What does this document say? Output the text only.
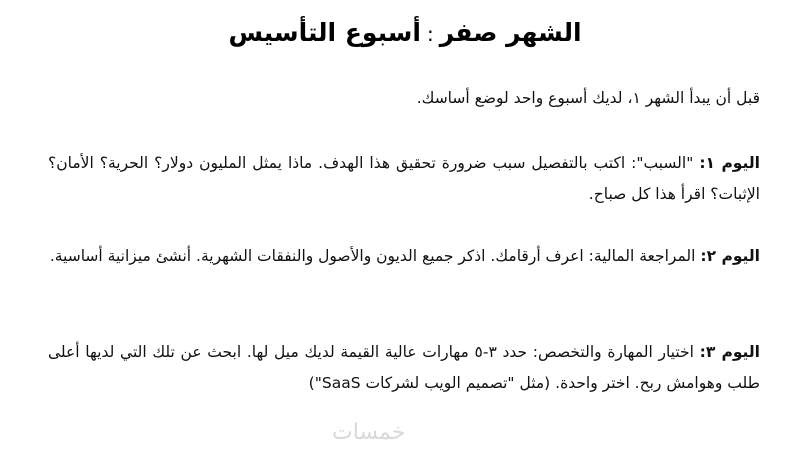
الشهر صفر:أسبوع التأسيس
قبل أن يبدأ الشهر ١، لديك أسبوع واحد لوضع أساسك.
اليوم ١: "السبب": اكتب بالتفصيل سبب ضرورة تحقيق هذا الهدف. ماذا يمثل المليون دولار؟ الحرية؟ الأمان؟ الإثبات؟ اقرأ هذا كل صباح.
اليوم ٢: المراجعة المالية: اعرف أرقامك. اذكر جميع الديون والأصول والنفقات الشهرية. أنشئ ميزانية أساسية.
اليوم ٣: اختيار المهارة والتخصص: حدد ٣-٥ مهارات عالية القيمة لديك ميل لها. ابحث عن تلك التي لديها أعلى طلب وهوامش ربح. اختر واحدة. (مثل "تصميم الويب لشركات SaaS")
خمسات
